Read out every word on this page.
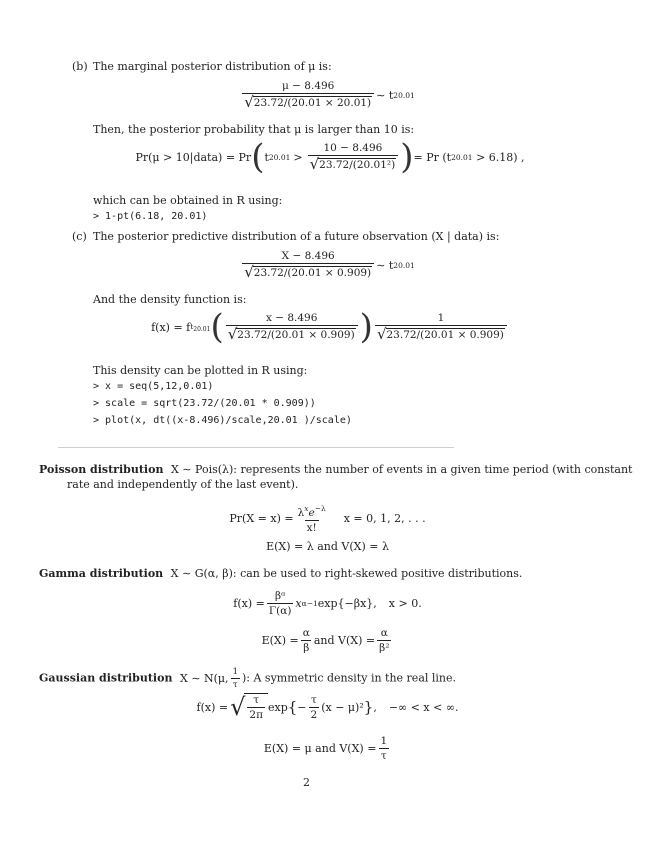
(b) The marginal posterior distribution of μ is:
$\frac{\mu - 8.496}{√ 23.72/(20.01 \times 20.01)}$ ∼ t 20.01
Then, the posterior probability that μ is larger than 10 is:
Pr(μ > 10|data) = Pr ( t $20.01 > \frac{10 - 8.496}{\text{√ 23.72/(20.01²)}}$ ) = Pr (t 20.01
> 6.18) ,
which can be obtained in R using:
> 1-pt(6.18, 20.01)
(c) The posterior predictive distribution of a future observation (X | data) is:
$\frac{X - 8.496}{√ 23.72/(20.01 \times 0.909)}$ ∼ t 20.01
And the density function is:
f(x) = f $t_{20.01}$ ( $\frac{x - 8.496}{√ 23.72/(20.01 \times 0.909)}$ ) $\frac{1}{√ 23.72/(20.01 \times 0.909)}$
This density can be plotted in R using:
> x = seq(5,12,0.01)
> scale = sqrt(23.72/(20.01 * 0.909))
> plot(x, dt((x-8.496)/scale,20.01 )/scale)
Poisson distribution X ∼ Pois(λ): represents the number of events in a given time period (with constant
rate and independently of the last event).
$Pr(X = x) = \frac{\lambda^xe^{-\lambda}}{x!}$ x = 0, 1, 2, . . .
E(X) = λ and V(X) = λ
Gamma distribution X ∼ G(α, β): can be used to right-skewed positive distributions.
$f(x) = \frac{\text{βᵅ}}{\Gamma(\alpha)}$ x α−1 exp{−βx}, x > 0.
$E(X) = \frac{\alpha}{\beta}$ and $V(X) = \frac{\alpha}{\text{β²}}$
Gaussian distribution X ∼ N(μ, $\frac{1}{\tau}$ ): A symmetric density in the real line.
f(x) = √ $\frac{\tau}{2\pi}$ exp { − $\frac{\tau}{2} (x - \mu)^2$ } , −∞ < x < ∞.
E(X) = μ and $V(X) = \frac{1}{\tau}$
2
